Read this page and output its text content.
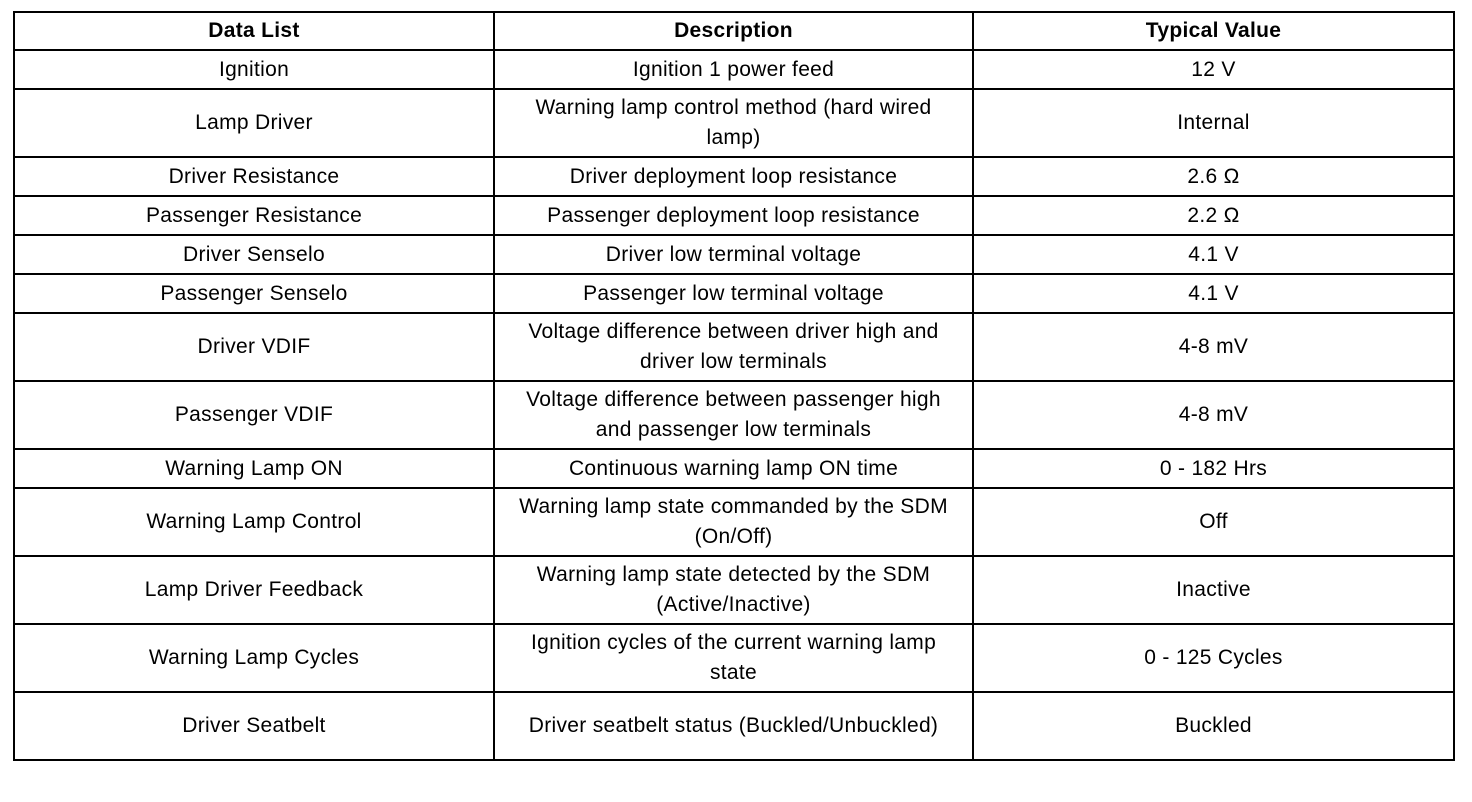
Data List	Description	Typical Value
Ignition	Ignition 1 power feed	12 V
Lamp Driver	Warning lamp control method (hard wired lamp)	Internal
Driver Resistance	Driver deployment loop resistance	2.6 Ω
Passenger Resistance	Passenger deployment loop resistance	2.2 Ω
Driver Senselo	Driver low terminal voltage	4.1 V
Passenger Senselo	Passenger low terminal voltage	4.1 V
Driver VDIF	Voltage difference between driver high and driver low terminals	4-8 mV
Passenger VDIF	Voltage difference between passenger high and passenger low terminals	4-8 mV
Warning Lamp ON	Continuous warning lamp ON time	0 - 182 Hrs
Warning Lamp Control	Warning lamp state commanded by the SDM (On/Off)	Off
Lamp Driver Feedback	Warning lamp state detected by the SDM (Active/Inactive)	Inactive
Warning Lamp Cycles	Ignition cycles of the current warning lamp state	0 - 125 Cycles
Driver Seatbelt	Driver seatbelt status (Buckled/Unbuckled)	Buckled
